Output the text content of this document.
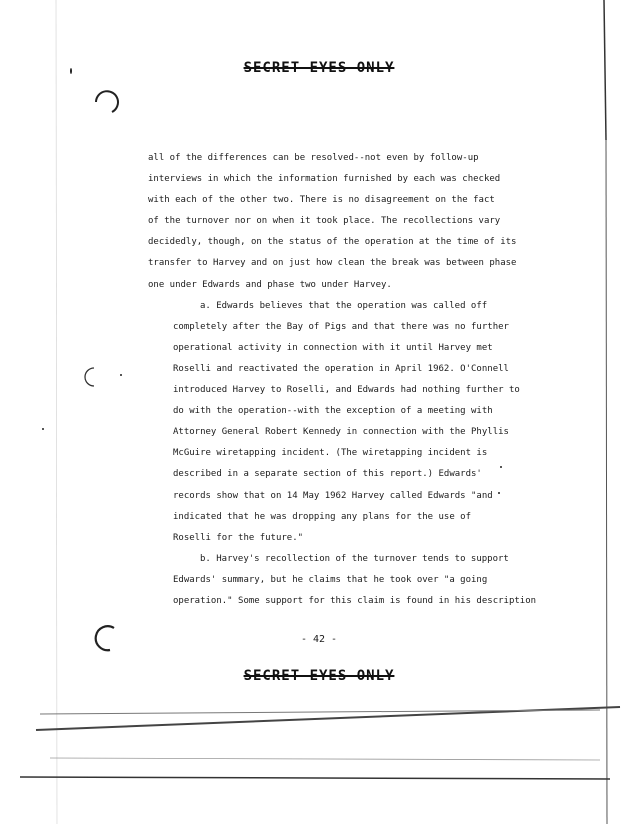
SECRET EYES ONLY

all of the differences can be resolved--not even by follow-up

interviews in which the information furnished by each was checked

with each of the other two. There is no disagreement on the fact

of the turnover nor on when it took place. The recollections vary

decidedly, though, on the status of the operation at the time of its

transfer to Harvey and on just how clean the break was between phase

one under Edwards and phase two under Harvey.

a. Edwards believes that the operation was called off

completely after the Bay of Pigs and that there was no further

operational activity in connection with it until Harvey met

Roselli and reactivated the operation in April 1962. O'Connell

introduced Harvey to Roselli, and Edwards had nothing further to

do with the operation--with the exception of a meeting with

Attorney General Robert Kennedy in connection with the Phyllis

McGuire wiretapping incident. (The wiretapping incident is

described in a separate section of this report.) Edwards'

records show that on 14 May 1962 Harvey called Edwards "and

indicated that he was dropping any plans for the use of

Roselli for the future."

b. Harvey's recollection of the turnover tends to support

Edwards' summary, but he claims that he took over "a going

operation." Some support for this claim is found in his description

- 42 -
SECRET EYES ONLY
